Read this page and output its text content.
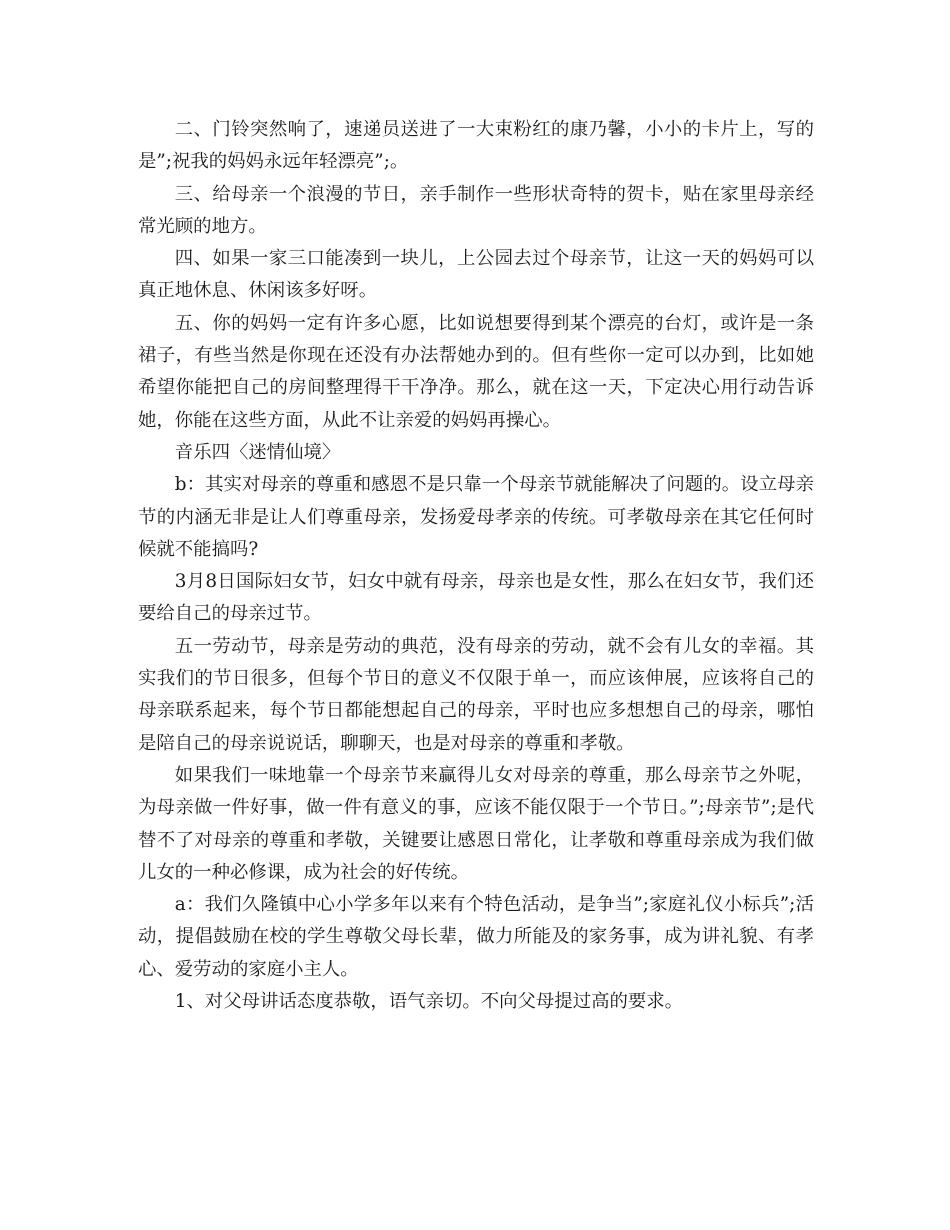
二、门铃突然响了，速递员送进了一大束粉红的康乃馨，小小的卡片上，写的是”;祝我的妈妈永远年轻漂亮”;。

三、给母亲一个浪漫的节日，亲手制作一些形状奇特的贺卡，贴在家里母亲经常光顾的地方。

四、如果一家三口能凑到一块儿，上公园去过个母亲节，让这一天的妈妈可以真正地休息、休闲该多好呀。

五、你的妈妈一定有许多心愿，比如说想要得到某个漂亮的台灯，或许是一条裙子，有些当然是你现在还没有办法帮她办到的。但有些你一定可以办到，比如她希望你能把自己的房间整理得干干净净。那么，就在这一天，下定决心用行动告诉她，你能在这些方面，从此不让亲爱的妈妈再操心。

音乐四〈迷情仙境〉

b：其实对母亲的尊重和感恩不是只靠一个母亲节就能解决了问题的。设立母亲节的内涵无非是让人们尊重母亲，发扬爱母孝亲的传统。可孝敬母亲在其它任何时候就不能搞吗?

3月8日国际妇女节，妇女中就有母亲，母亲也是女性，那么在妇女节，我们还要给自己的母亲过节。

五一劳动节，母亲是劳动的典范，没有母亲的劳动，就不会有儿女的幸福。其实我们的节日很多，但每个节日的意义不仅限于单一，而应该伸展，应该将自己的母亲联系起来，每个节日都能想起自己的母亲，平时也应多想想自己的母亲，哪怕是陪自己的母亲说说话，聊聊天，也是对母亲的尊重和孝敬。

如果我们一味地靠一个母亲节来赢得儿女对母亲的尊重，那么母亲节之外呢，为母亲做一件好事，做一件有意义的事，应该不能仅限于一个节日。”;母亲节”;是代替不了对母亲的尊重和孝敬，关键要让感恩日常化，让孝敬和尊重母亲成为我们做儿女的一种必修课，成为社会的好传统。

a：我们久隆镇中心小学多年以来有个特色活动，是争当”;家庭礼仪小标兵”;活动，提倡鼓励在校的学生尊敬父母长辈，做力所能及的家务事，成为讲礼貌、有孝心、爱劳动的家庭小主人。

1、对父母讲话态度恭敬，语气亲切。不向父母提过高的要求。
